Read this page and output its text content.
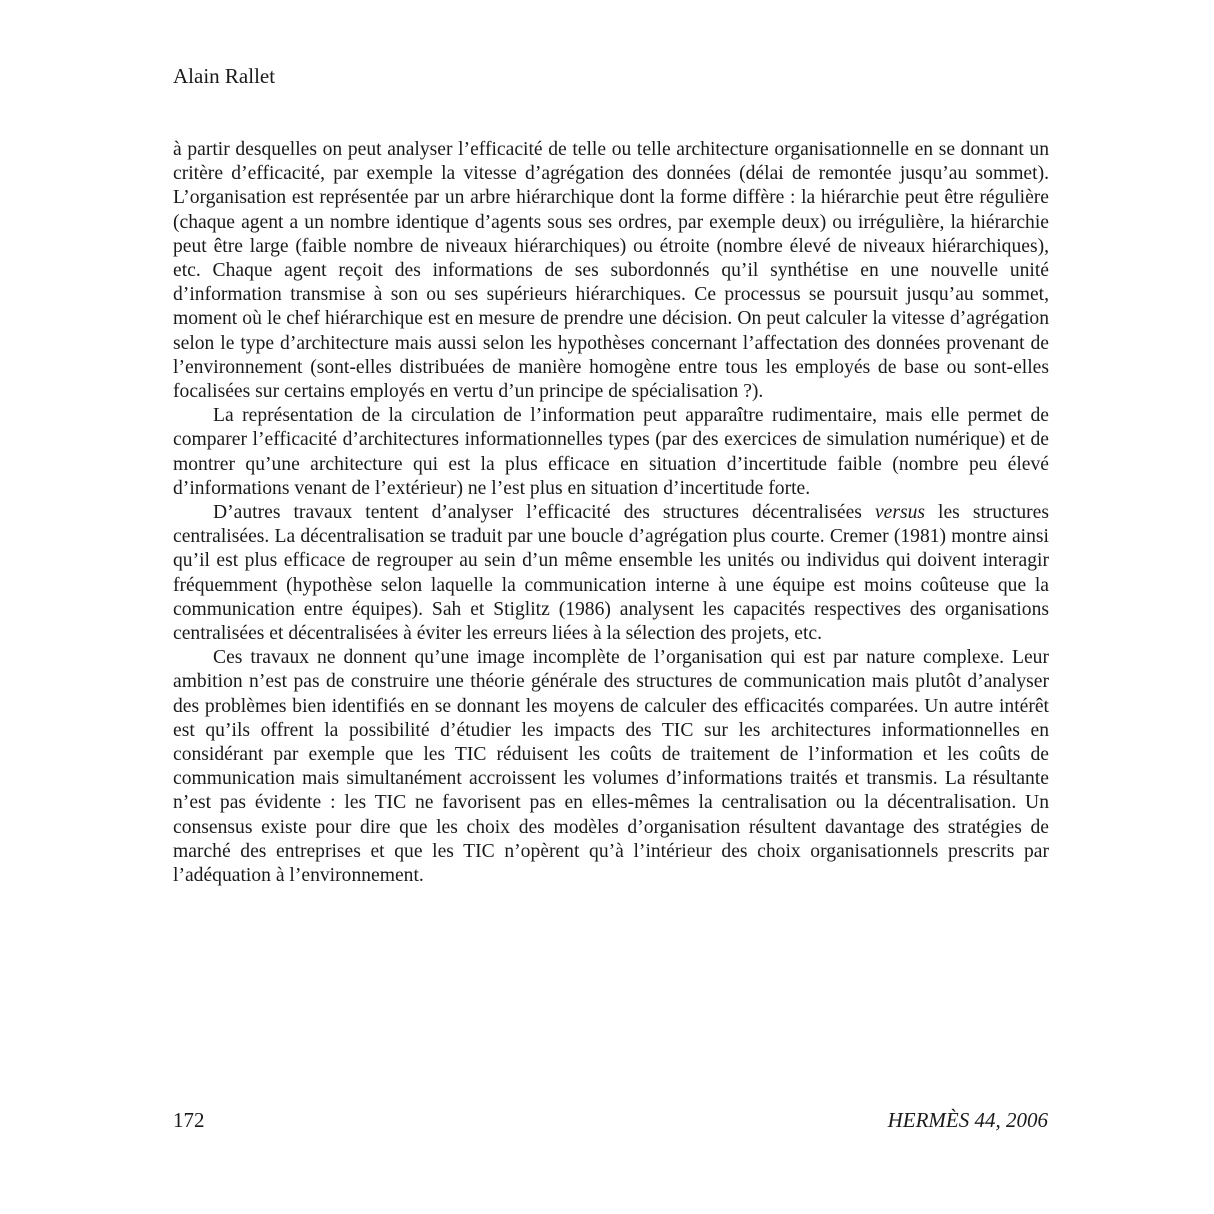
Alain Rallet

à partir desquelles on peut analyser l’efficacité de telle ou telle architecture organisationnelle en se donnant un critère d’efficacité, par exemple la vitesse d’agrégation des données (délai de remontée jusqu’au sommet). L’organisation est représentée par un arbre hiérarchique dont la forme diffère : la hiérarchie peut être régulière (chaque agent a un nombre identique d’agents sous ses ordres, par exemple deux) ou irrégulière, la hiérarchie peut être large (faible nombre de niveaux hiérarchiques) ou étroite (nombre élevé de niveaux hiérarchiques), etc. Chaque agent reçoit des informations de ses subordonnés qu’il synthétise en une nouvelle unité d’information transmise à son ou ses supérieurs hiérarchiques. Ce processus se poursuit jusqu’au sommet, moment où le chef hiérarchique est en mesure de prendre une décision. On peut calculer la vitesse d’agrégation selon le type d’architecture mais aussi selon les hypothèses concernant l’affectation des données provenant de l’environnement (sont-elles distribuées de manière homogène entre tous les employés de base ou sont-elles focalisées sur certains employés en vertu d’un principe de spécialisation ?).

La représentation de la circulation de l’information peut apparaître rudimentaire, mais elle permet de comparer l’efficacité d’architectures informationnelles types (par des exercices de simulation numérique) et de montrer qu’une architecture qui est la plus efficace en situation d’incertitude faible (nombre peu élevé d’informations venant de l’extérieur) ne l’est plus en situation d’incertitude forte.

D’autres travaux tentent d’analyser l’efficacité des structures décentralisées versus les structures centralisées. La décentralisation se traduit par une boucle d’agrégation plus courte. Cremer (1981) montre ainsi qu’il est plus efficace de regrouper au sein d’un même ensemble les unités ou individus qui doivent interagir fréquemment (hypothèse selon laquelle la communication interne à une équipe est moins coûteuse que la communication entre équipes). Sah et Stiglitz (1986) analysent les capacités respectives des organisations centralisées et décentralisées à éviter les erreurs liées à la sélection des projets, etc.

Ces travaux ne donnent qu’une image incomplète de l’organisation qui est par nature complexe. Leur ambition n’est pas de construire une théorie générale des structures de communication mais plutôt d’analyser des problèmes bien identifiés en se donnant les moyens de calculer des efficacités comparées. Un autre intérêt est qu’ils offrent la possibilité d’étudier les impacts des TIC sur les architectures informationnelles en considérant par exemple que les TIC réduisent les coûts de traitement de l’information et les coûts de communication mais simultanément accroissent les volumes d’informations traités et transmis. La résultante n’est pas évidente : les TIC ne favorisent pas en elles-mêmes la centralisation ou la décentralisation. Un consensus existe pour dire que les choix des modèles d’organisation résultent davantage des stratégies de marché des entreprises et que les TIC n’opèrent qu’à l’intérieur des choix organisationnels prescrits par l’adéquation à l’environnement.

172	HERMÈS 44, 2006
